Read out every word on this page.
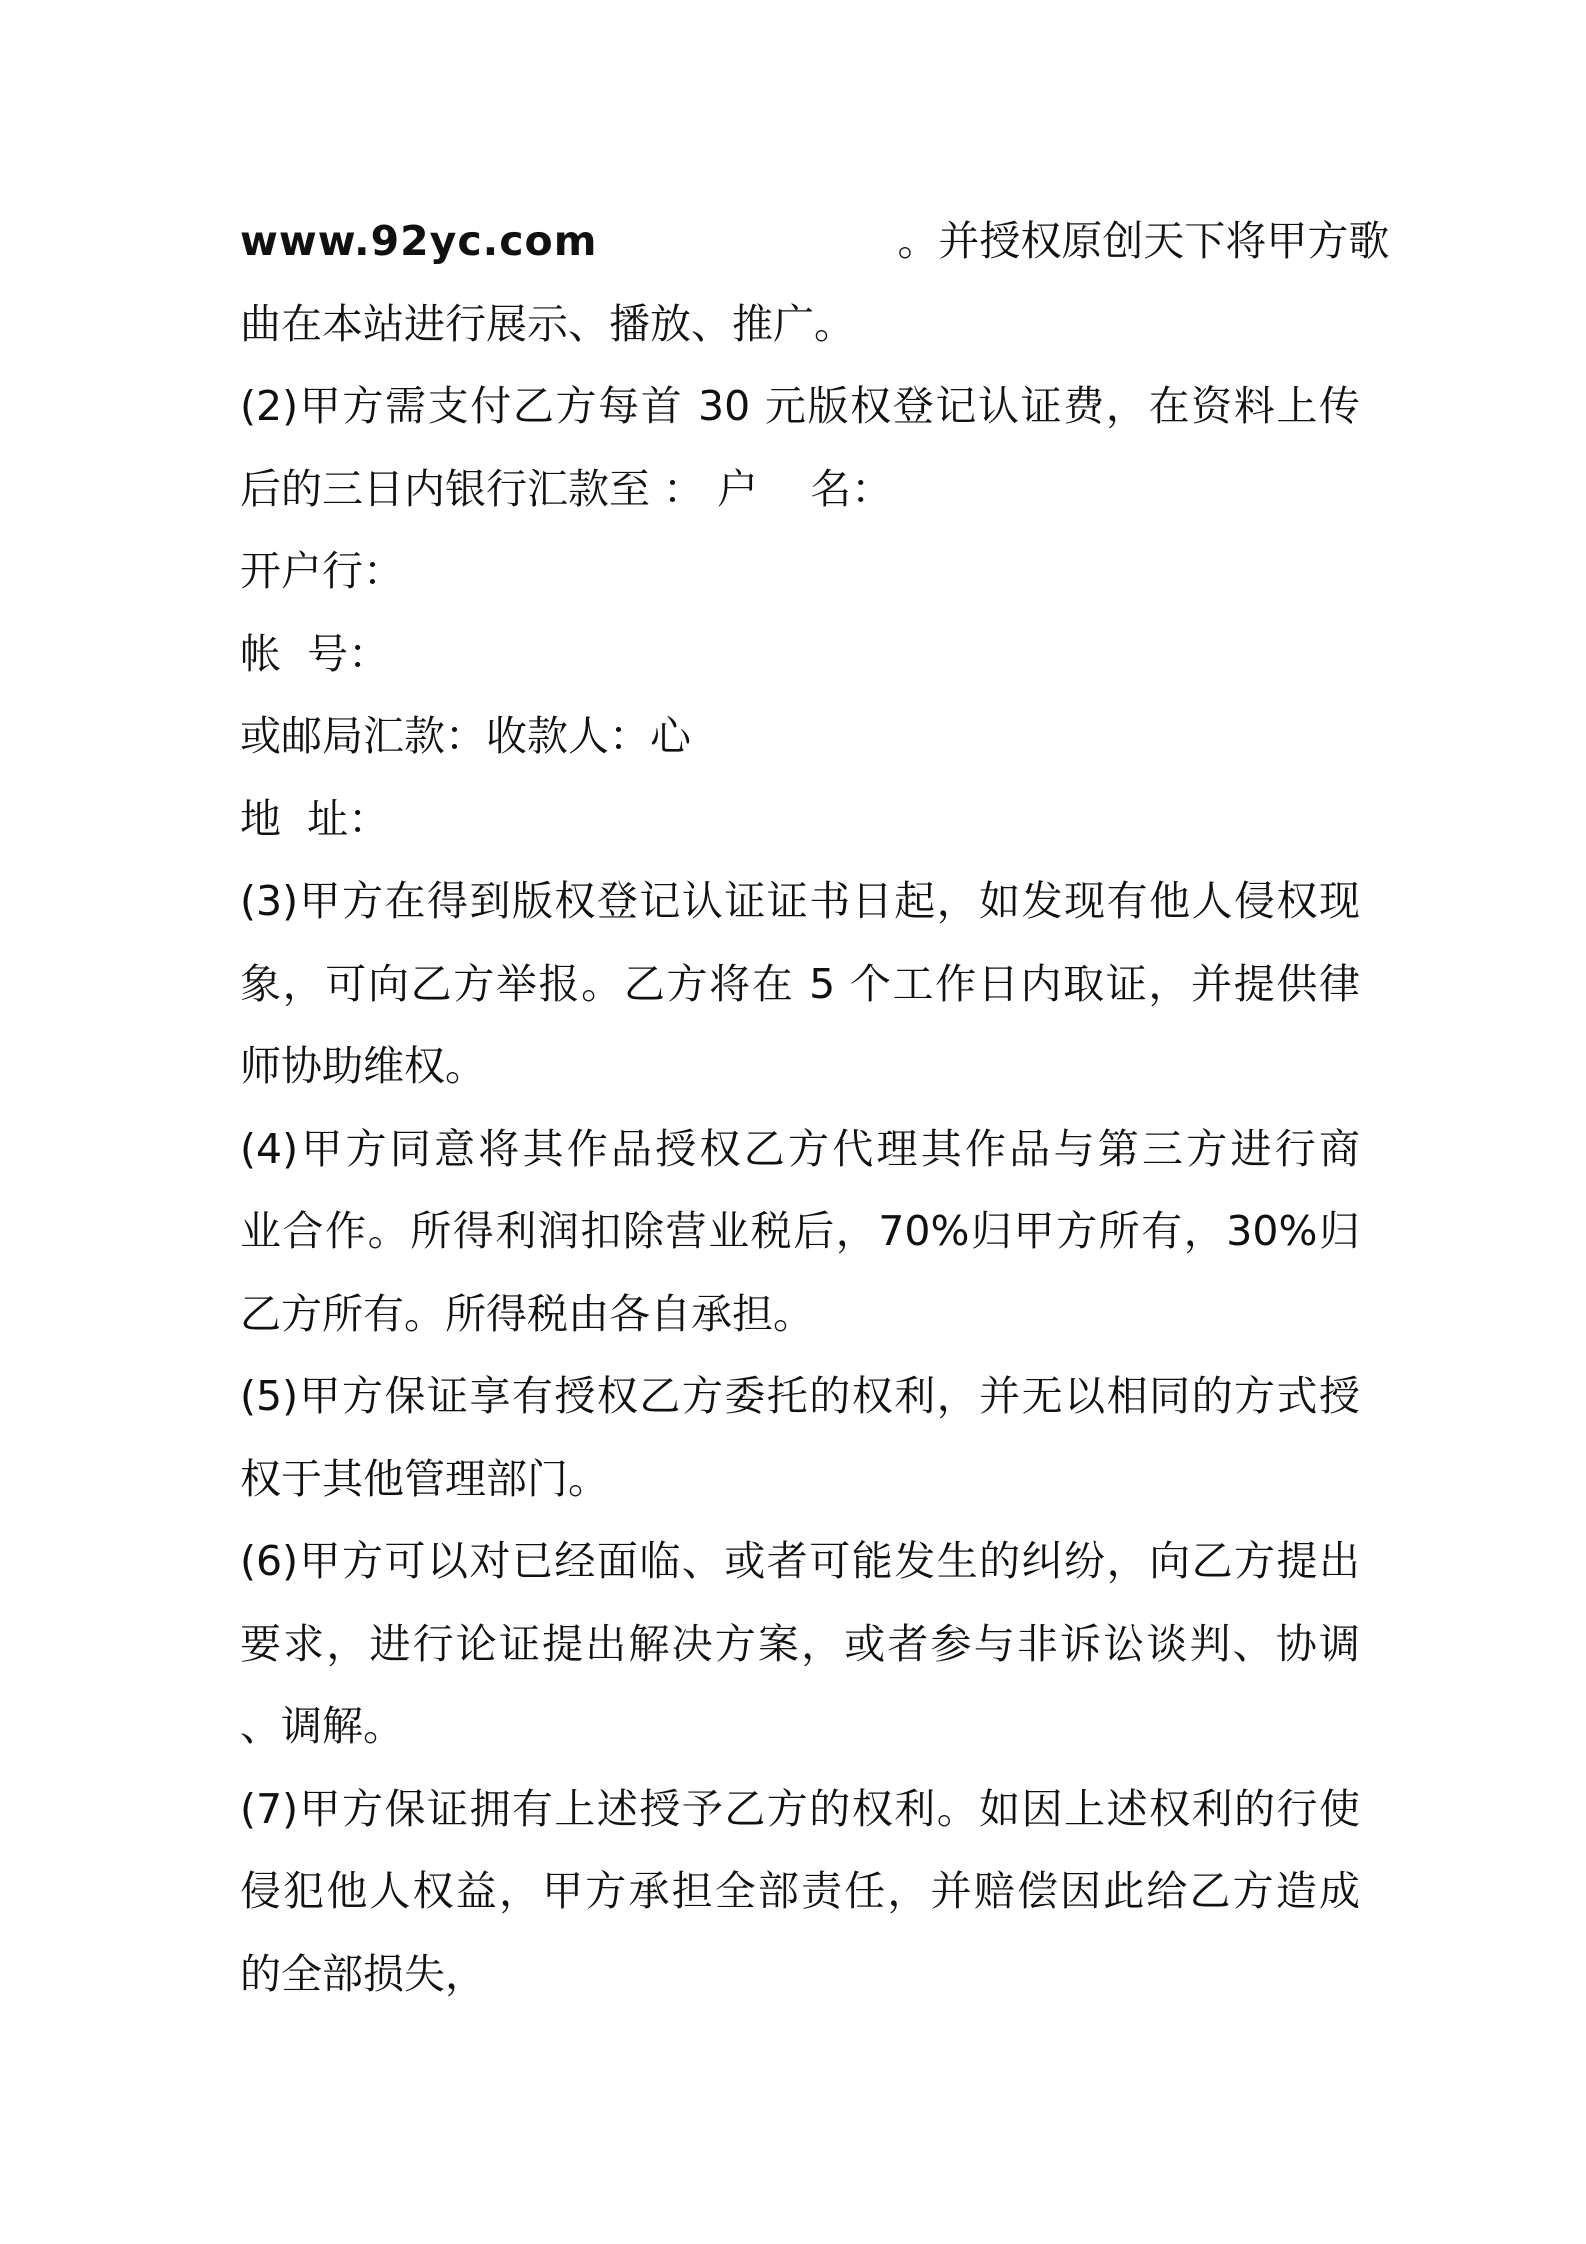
www.92yc.com	。并授权原创天下将甲方歌
曲在本站进行展示、播放、推广。
(2)甲方需支付乙方每首 30 元版权登记认证费，在资料上传
后的三日内银行汇款至 ： 户    名：
开户行：
帐  号：
或邮局汇款：收款人：心
地  址：
(3)甲方在得到版权登记认证证书日起，如发现有他人侵权现
象，可向乙方举报。乙方将在 5 个工作日内取证，并提供律
师协助维权。
(4)甲方同意将其作品授权乙方代理其作品与第三方进行商
业合作。所得利润扣除营业税后，70%归甲方所有，30%归
乙方所有。所得税由各自承担。
(5)甲方保证享有授权乙方委托的权利，并无以相同的方式授
权于其他管理部门。
(6)甲方可以对已经面临、或者可能发生的纠纷，向乙方提出
要求，进行论证提出解决方案，或者参与非诉讼谈判、协调
、调解。
(7)甲方保证拥有上述授予乙方的权利。如因上述权利的行使
侵犯他人权益，甲方承担全部责任，并赔偿因此给乙方造成
的全部损失，
